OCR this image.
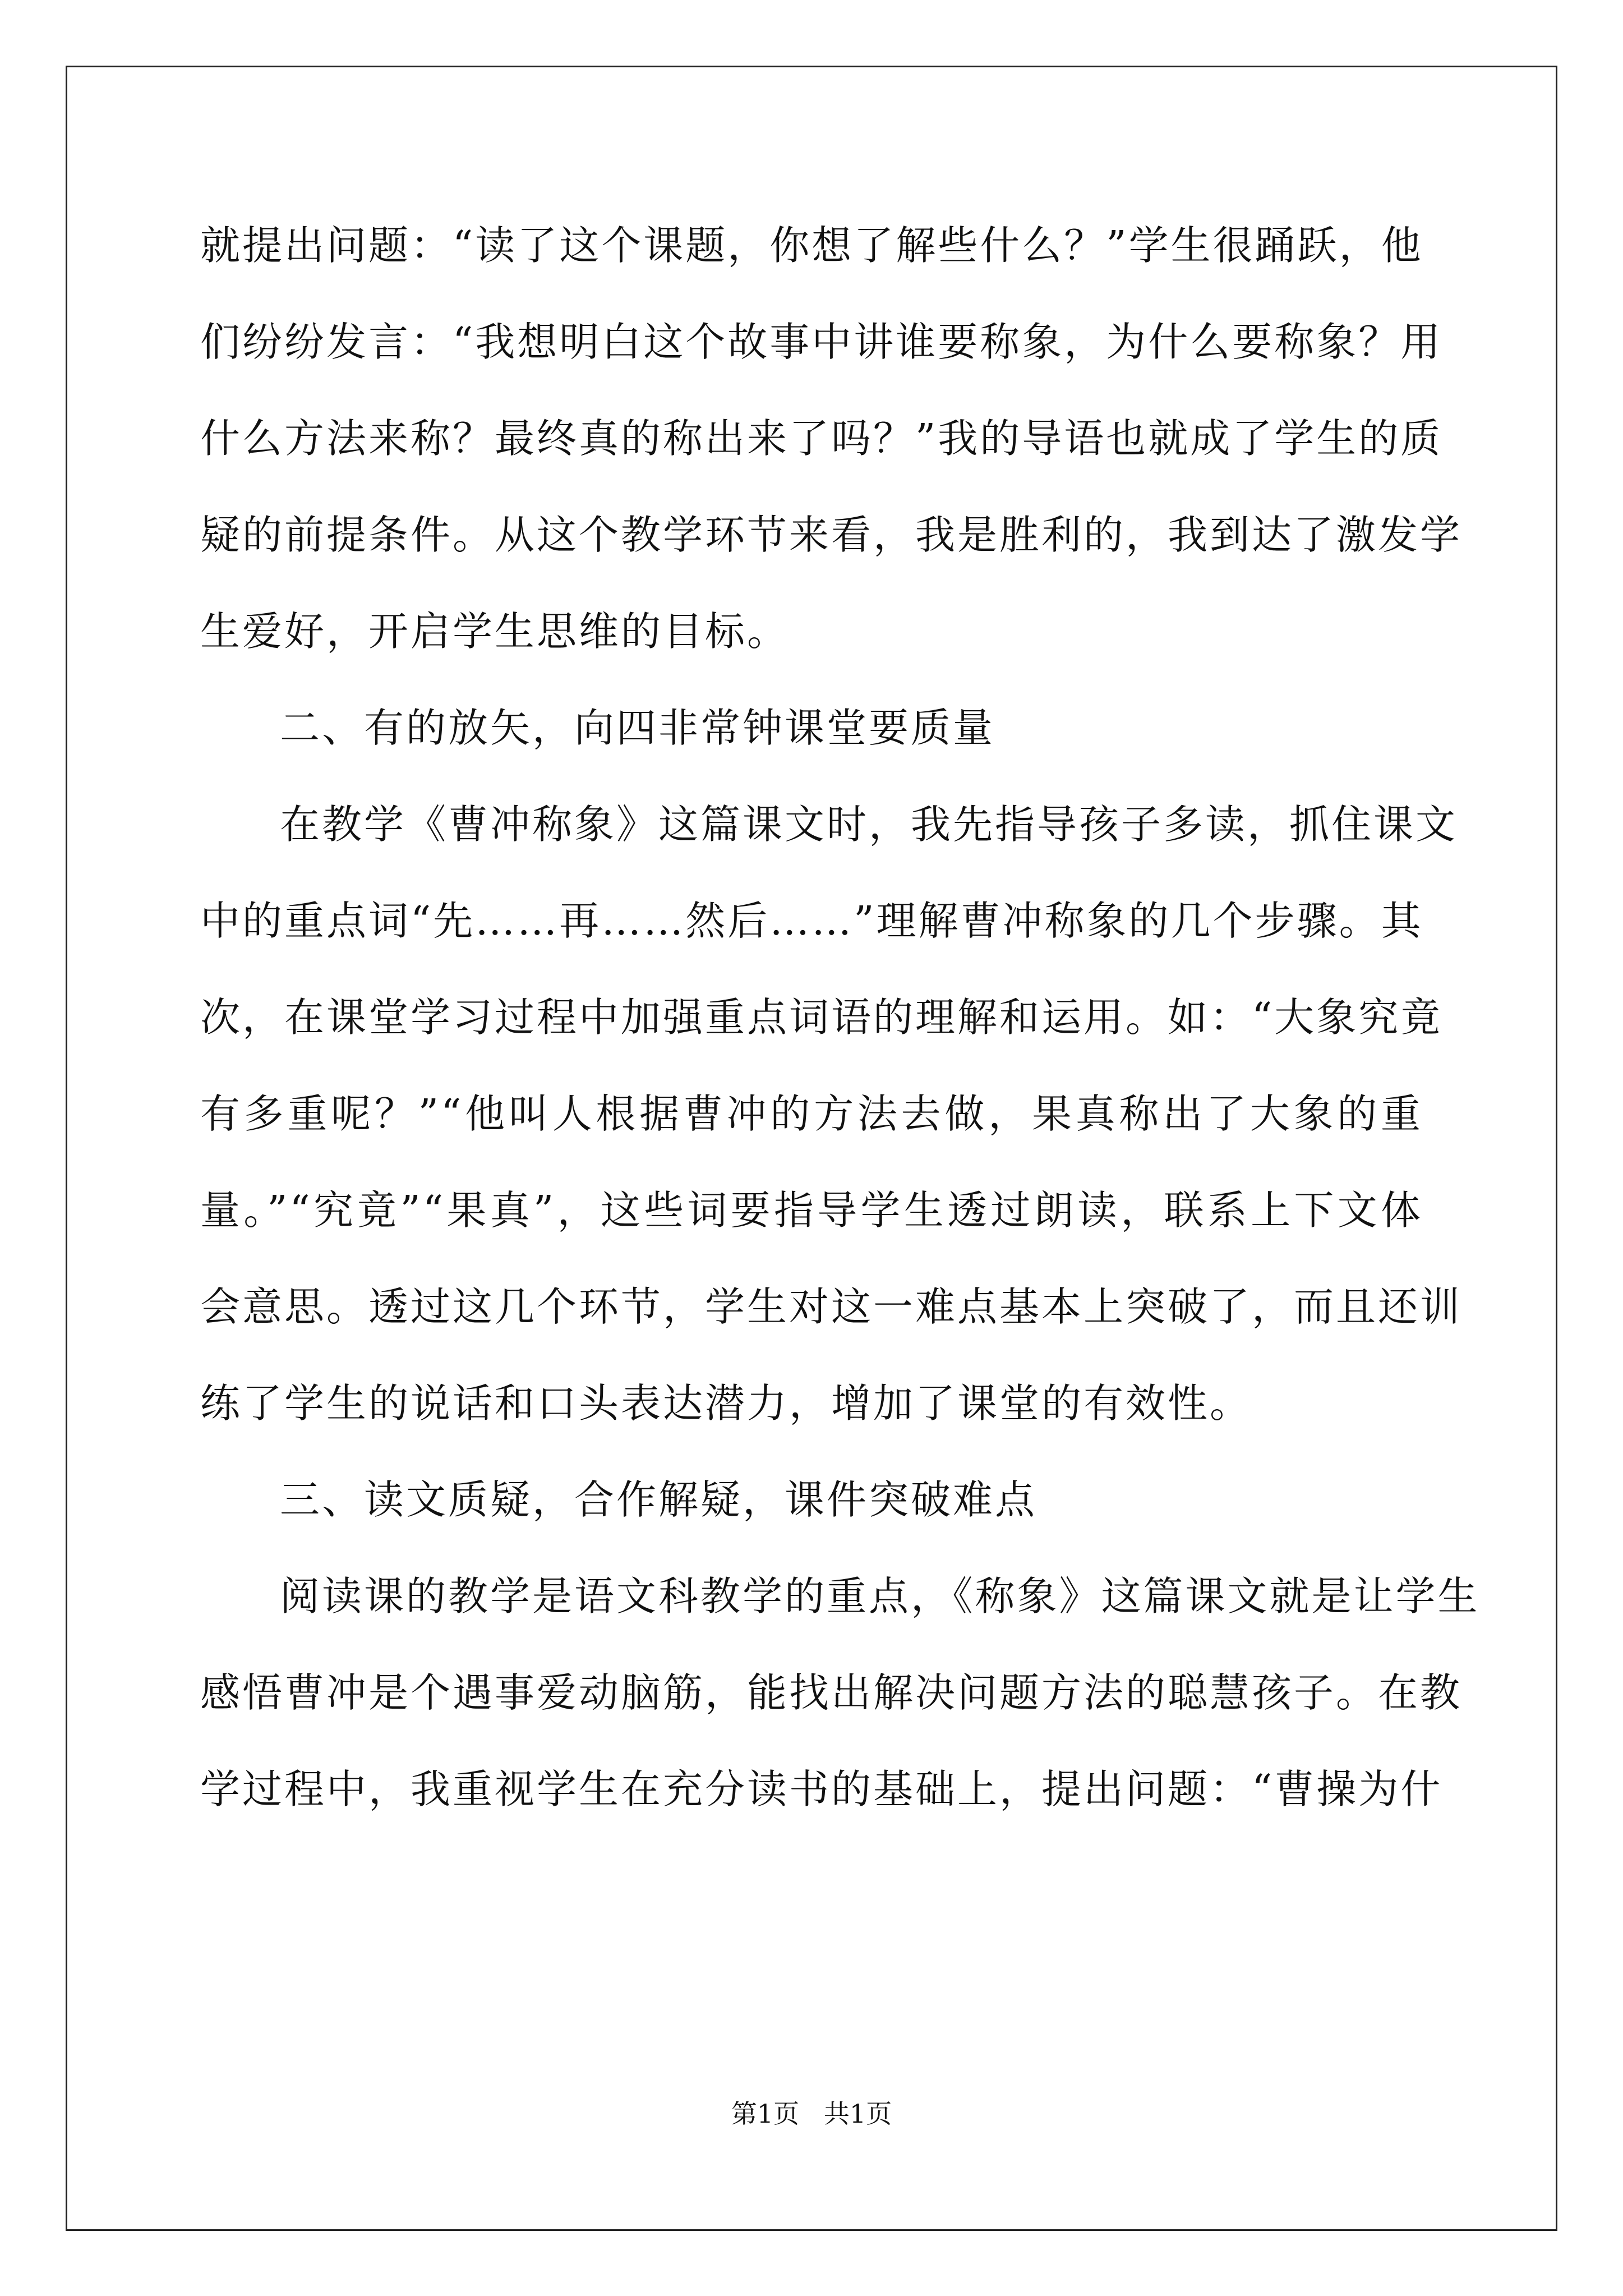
就提出问题：“读了这个课题，你想了解些什么？”学生很踊跃，他
们纷纷发言：“我想明白这个故事中讲谁要称象，为什么要称象？用
什么方法来称？最终真的称出来了吗？”我的导语也就成了学生的质
疑的前提条件。从这个教学环节来看，我是胜利的，我到达了激发学
生爱好，开启学生思维的目标。
二、有的放矢，向四非常钟课堂要质量
在教学《曹冲称象》这篇课文时，我先指导孩子多读，抓住课文
中的重点词“先……再……然后……”理解曹冲称象的几个步骤。其
次，在课堂学习过程中加强重点词语的理解和运用。如：“大象究竟
有多重呢？”“他叫人根据曹冲的方法去做，果真称出了大象的重
量。”“究竟”“果真”，这些词要指导学生透过朗读，联系上下文体
会意思。透过这几个环节，学生对这一难点基本上突破了，而且还训
练了学生的说话和口头表达潜力，增加了课堂的有效性。
三、读文质疑，合作解疑，课件突破难点
阅读课的教学是语文科教学的重点，《称象》这篇课文就是让学生
感悟曹冲是个遇事爱动脑筋，能找出解决问题方法的聪慧孩子。在教
学过程中，我重视学生在充分读书的基础上，提出问题：“曹操为什
第1页   共1页
